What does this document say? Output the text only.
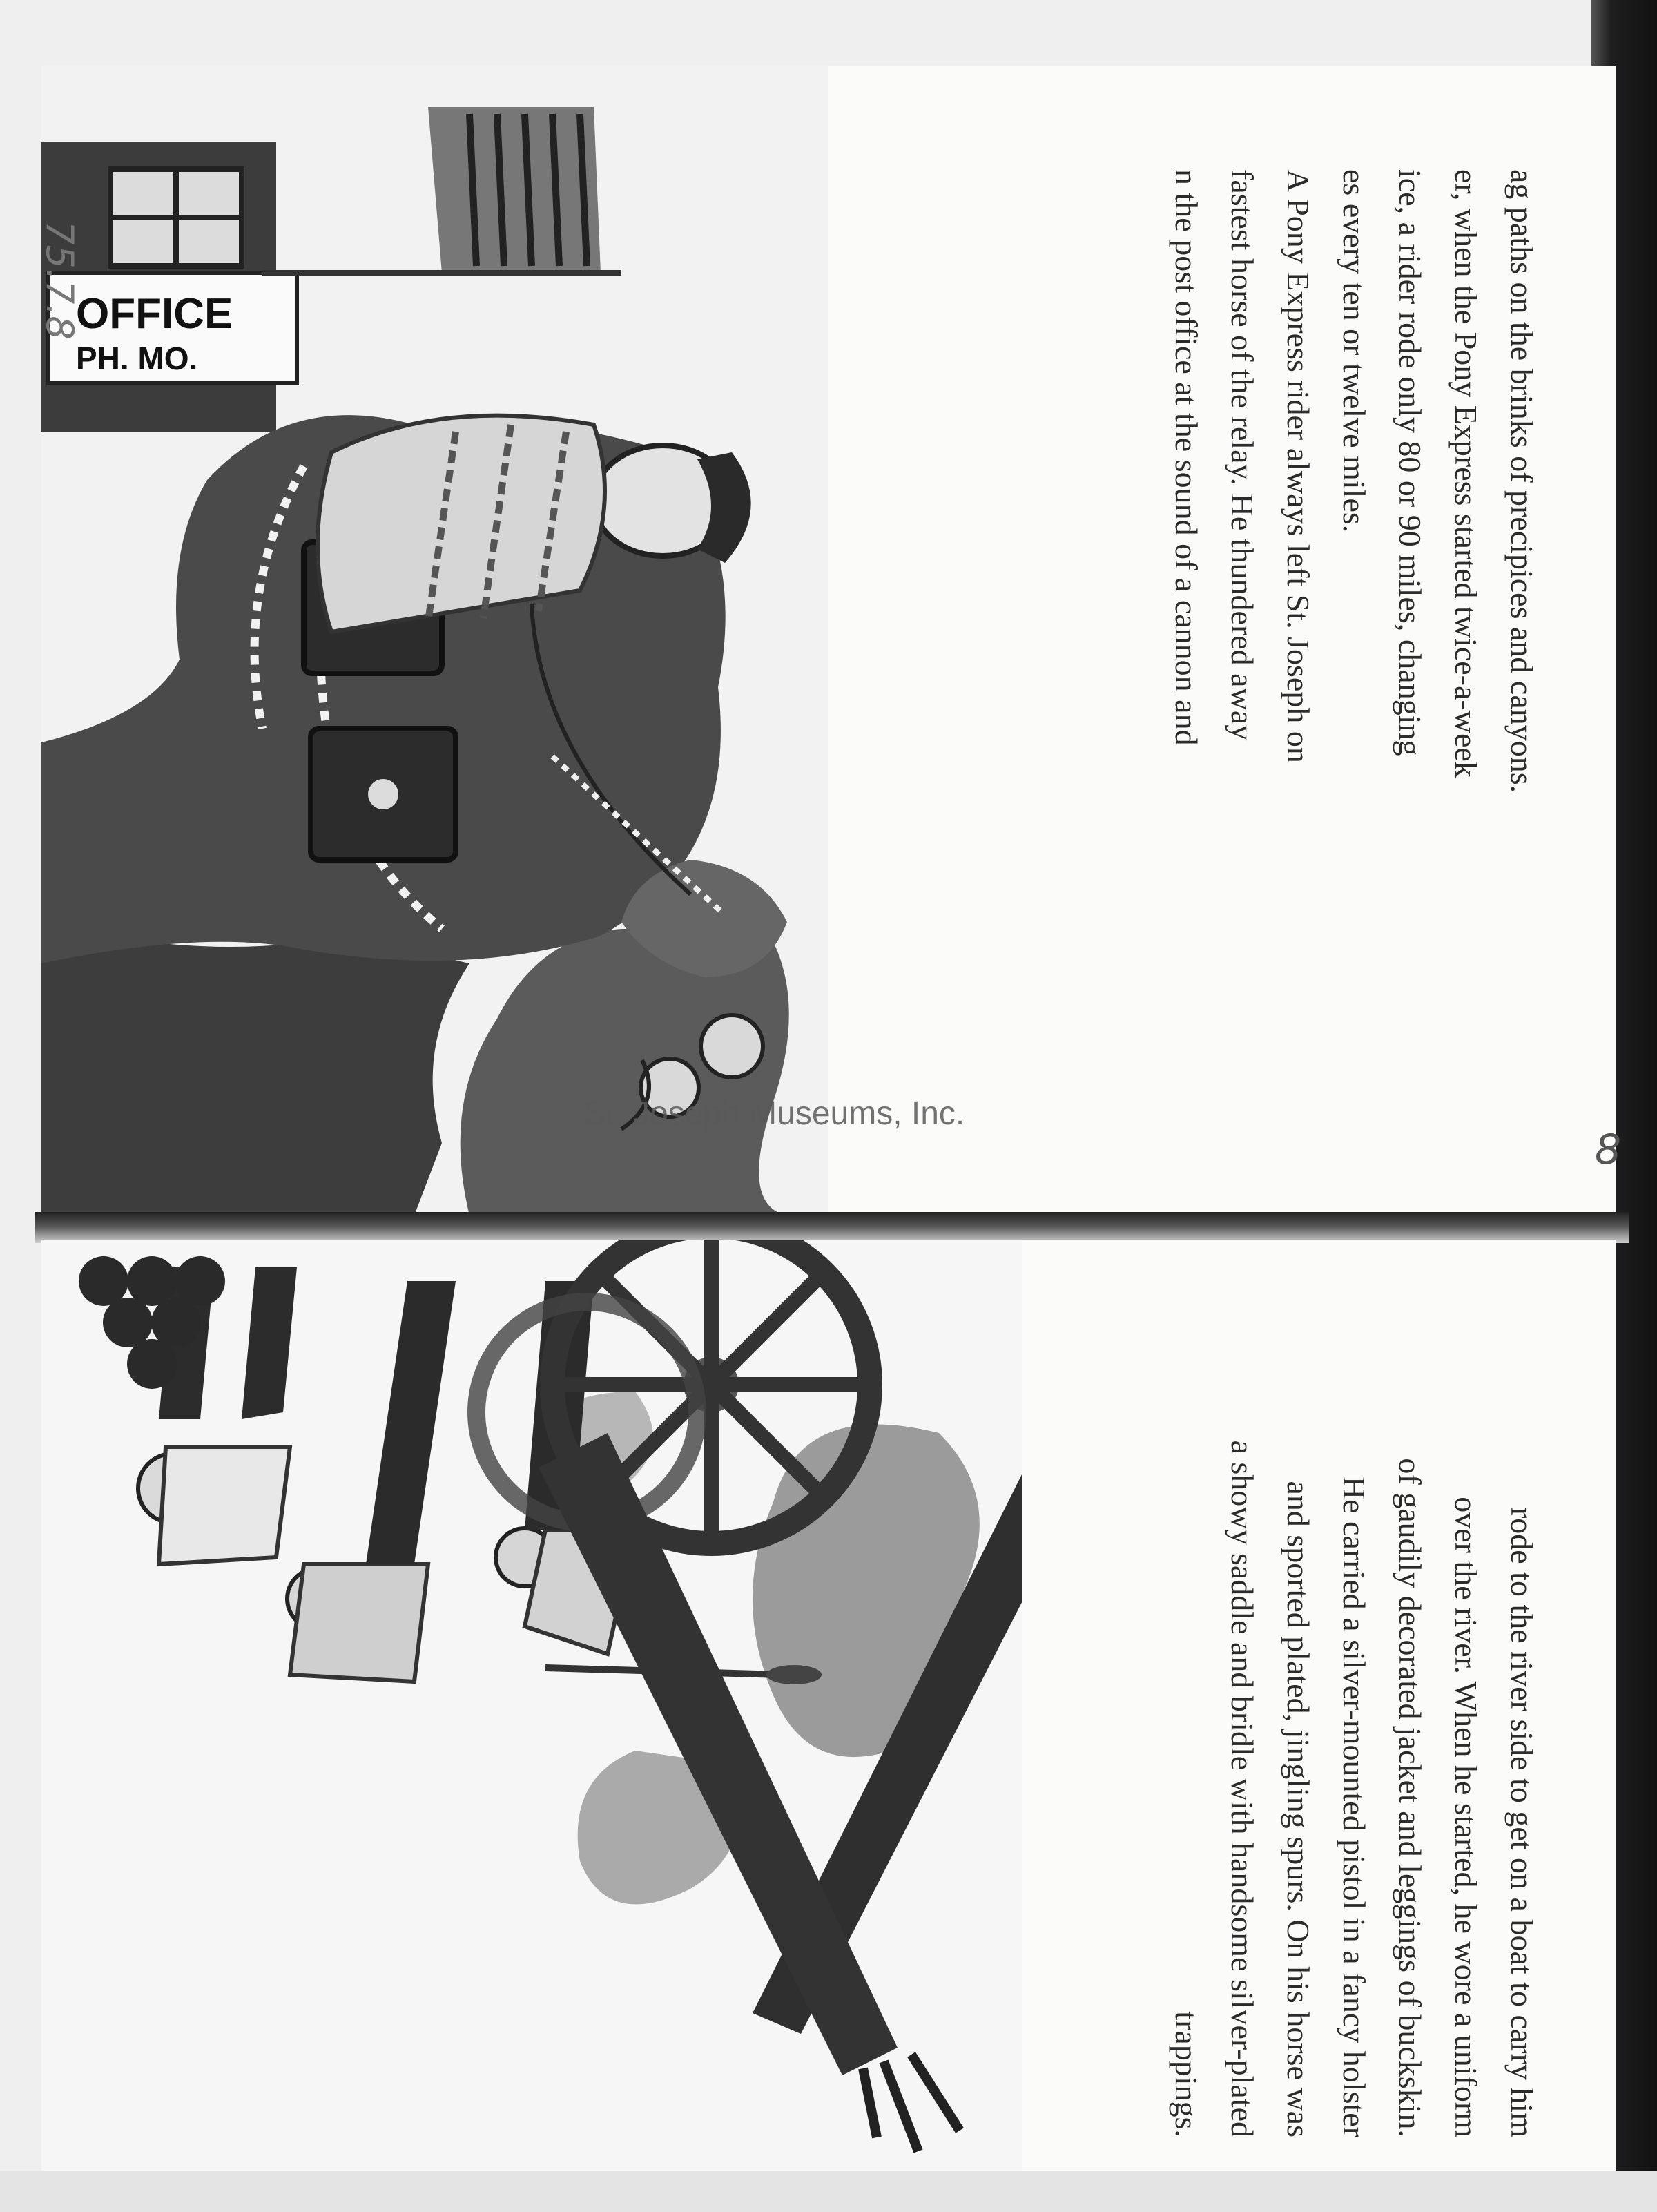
ag paths on the brinks of precipices and canyons.
er, when the Pony Express started twice-a-week
ice, a rider rode only 80 or 90 miles, changing
es every ten or twelve miles.

A Pony Express rider always left St. Joseph on
fastest horse of the relay. He thundered away
n the post office at the sound of a cannon and

OFFICE
PH. MO.

rode to the river side to get on a boat to carry him
over the river. When he started, he wore a uniform
of gaudily decorated jacket and leggings of buckskin.
He carried a silver-mounted pistol in a fancy holster
and sported plated, jingling spurs. On his horse was
a showy saddle and bridle with handsome silver-plated
trappings.

St. Joseph Museums, Inc.
75.7.8
8
